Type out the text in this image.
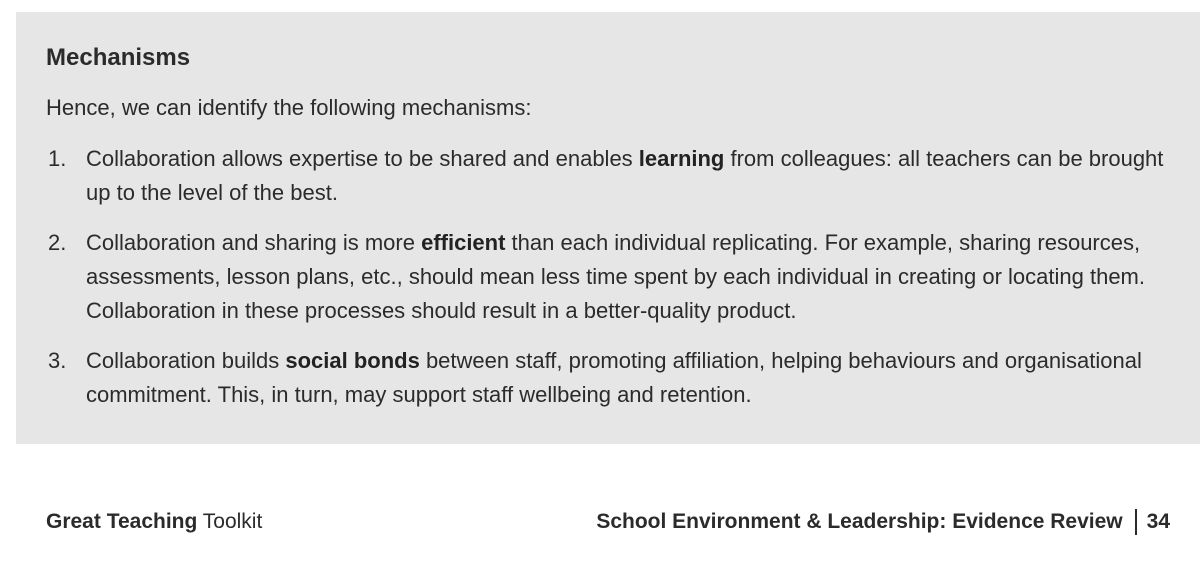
Mechanisms

Hence, we can identify the following mechanisms:

1. Collaboration allows expertise to be shared and enables learning from colleagues: all teachers can be brought up to the level of the best.
2. Collaboration and sharing is more efficient than each individual replicating. For example, sharing resources, assessments, lesson plans, etc., should mean less time spent by each individual in creating or locating them. Collaboration in these processes should result in a better-quality product.
3. Collaboration builds social bonds between staff, promoting affiliation, helping behaviours and organisational commitment. This, in turn, may support staff wellbeing and retention.
Great Teaching Toolkit	School Environment & Leadership: Evidence Review 34
